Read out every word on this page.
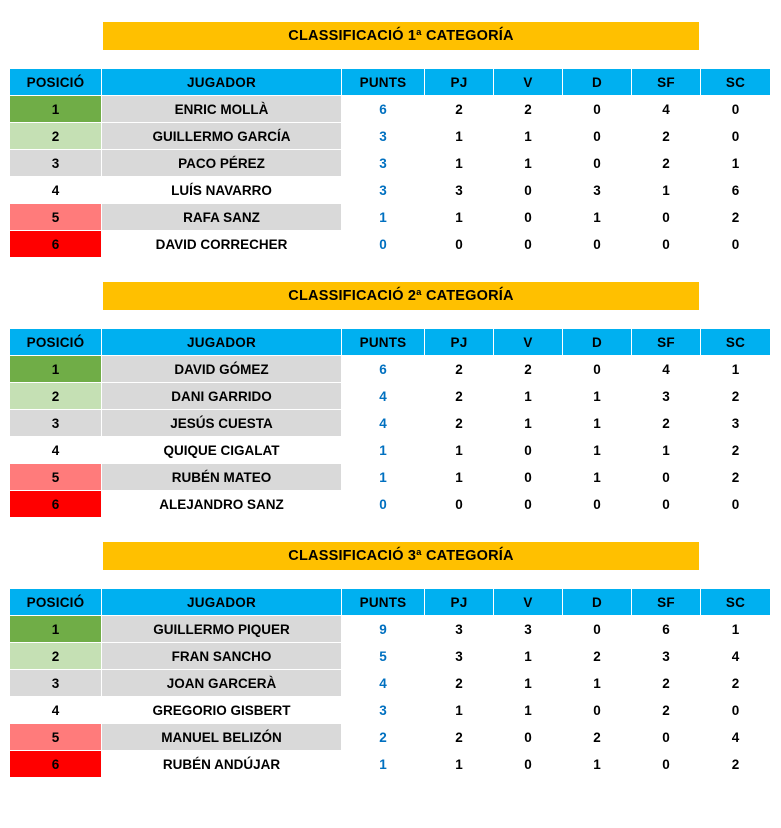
CLASSIFICACIÓ 1ª CATEGORÍA
POSICIÓ	JUGADOR	PUNTS	PJ	V	D	SF	SC
1	ENRIC MOLLÀ	6	2	2	0	4	0
2	GUILLERMO GARCÍA	3	1	1	0	2	0
3	PACO PÉREZ	3	1	1	0	2	1
4	LUÍS NAVARRO	3	3	0	3	1	6
5	RAFA SANZ	1	1	0	1	0	2
6	DAVID CORRECHER	0	0	0	0	0	0
CLASSIFICACIÓ 2ª CATEGORÍA
POSICIÓ	JUGADOR	PUNTS	PJ	V	D	SF	SC
1	DAVID GÓMEZ	6	2	2	0	4	1
2	DANI GARRIDO	4	2	1	1	3	2
3	JESÚS CUESTA	4	2	1	1	2	3
4	QUIQUE CIGALAT	1	1	0	1	1	2
5	RUBÉN MATEO	1	1	0	1	0	2
6	ALEJANDRO SANZ	0	0	0	0	0	0
CLASSIFICACIÓ 3ª CATEGORÍA
POSICIÓ	JUGADOR	PUNTS	PJ	V	D	SF	SC
1	GUILLERMO PIQUER	9	3	3	0	6	1
2	FRAN SANCHO	5	3	1	2	3	4
3	JOAN GARCERÀ	4	2	1	1	2	2
4	GREGORIO GISBERT	3	1	1	0	2	0
5	MANUEL BELIZÓN	2	2	0	2	0	4
6	RUBÉN ANDÚJAR	1	1	0	1	0	2
